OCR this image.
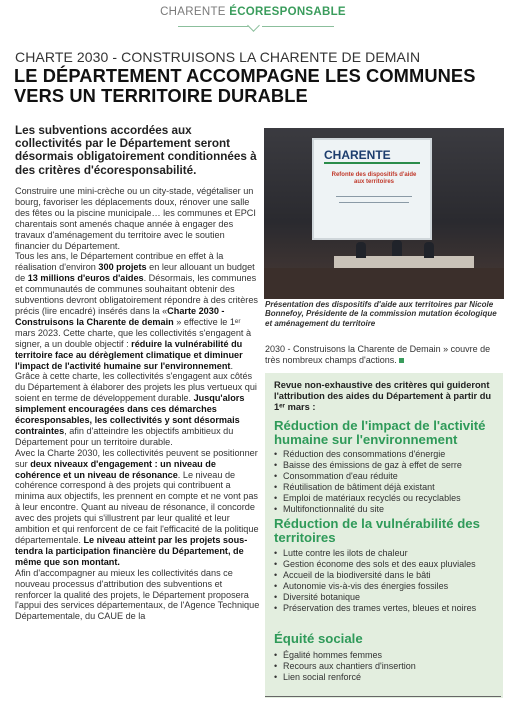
CHARENTE ÉCORESPONSABLE
CHARTE 2030 - CONSTRUISONS LA CHARENTE DE DEMAIN
LE DÉPARTEMENT ACCOMPAGNE LES COMMUNES VERS UN TERRITOIRE DURABLE
Les subventions accordées aux collectivités par le Département seront désormais obligatoirement conditionnées à des critères d'écoresponsabilité.

Construire une mini-crèche ou un city-stade, végétaliser un bourg, favoriser les déplacements doux, rénover une salle des fêtes ou la piscine municipale… les communes et EPCI charentais sont amenés chaque année à engager des travaux d'aménagement du territoire avec le soutien financier du Département.

Tous les ans, le Département contribue en effet à la réalisation d'environ 300 projets en leur allouant un budget de 13 millions d'euros d'aides. Désormais, les communes et communautés de communes souhaitant obtenir des subventions devront obligatoirement répondre à des critères précis (lire encadré) insérés dans la «Charte 2030 - Construisons la Charente de demain » effective le 1ᵉʳ mars 2023. Cette charte, que les collectivités s'engagent à signer, a un double objectif : réduire la vulnérabilité du territoire face au dérèglement climatique et diminuer l'impact de l'activité humaine sur l'environnement. Grâce à cette charte, les collectivités s'engagent aux côtés du Département à élaborer des projets les plus vertueux qui soient en terme de développement durable. Jusqu'alors simplement encouragées dans ces démarches écoresponsables, les collectivités y sont désormais contraintes, afin d'atteindre les objectifs ambitieux du Département pour un territoire durable.

Avec la Charte 2030, les collectivités peuvent se positionner sur deux niveaux d'engagement : un niveau de cohérence et un niveau de résonance. Le niveau de cohérence correspond à des projets qui contribuent a minima aux objectifs, les prennent en compte et ne vont pas à leur encontre. Quant au niveau de résonance, il concorde avec des projets qui s'illustrent par leur qualité et leur ambition et qui renforcent de ce fait l'efficacité de la politique départementale. Le niveau atteint par les projets sous-tendra la participation financière du Département, de même que son montant.

Afin d'accompagner au mieux les collectivités dans ce nouveau processus d'attribution des subventions et renforcer la qualité des projets, le Département proposera l'appui des services départementaux, de l'Agence Technique Départementale, du CAUE de la

CHARENTE
Refonte des dispositifs d'aide aux territoires
Présentation des dispositifs d'aide aux territoires par Nicole Bonnefoy, Présidente de la commission mutation écologique et aménagement du territoire
2030 - Construisons la Charente de Demain » couvre de très nombreux champs d'actions.
Revue non-exhaustive des critères qui guideront l'attribution des aides du Département à partir du 1ᵉʳ mars :
Réduction de l'impact de l'activité humaine sur l'environnement
• Réduction des consommations d'énergie
• Baisse des émissions de gaz à effet de serre
• Consommation d'eau réduite
• Réutilisation de bâtiment déjà existant
• Emploi de matériaux recyclés ou recyclables
• Multifonctionnalité du site
Réduction de la vulnérabilité des territoires
• Lutte contre les ilots de chaleur
• Gestion économe des sols et des eaux pluviales
• Accueil de la biodiversité dans le bâti
• Autonomie vis-à-vis des énergies fossiles
• Diversité botanique
• Préservation des trames vertes, bleues et noires
Équité sociale
• Égalité hommes femmes
• Recours aux chantiers d'insertion
• Lien social renforcé
